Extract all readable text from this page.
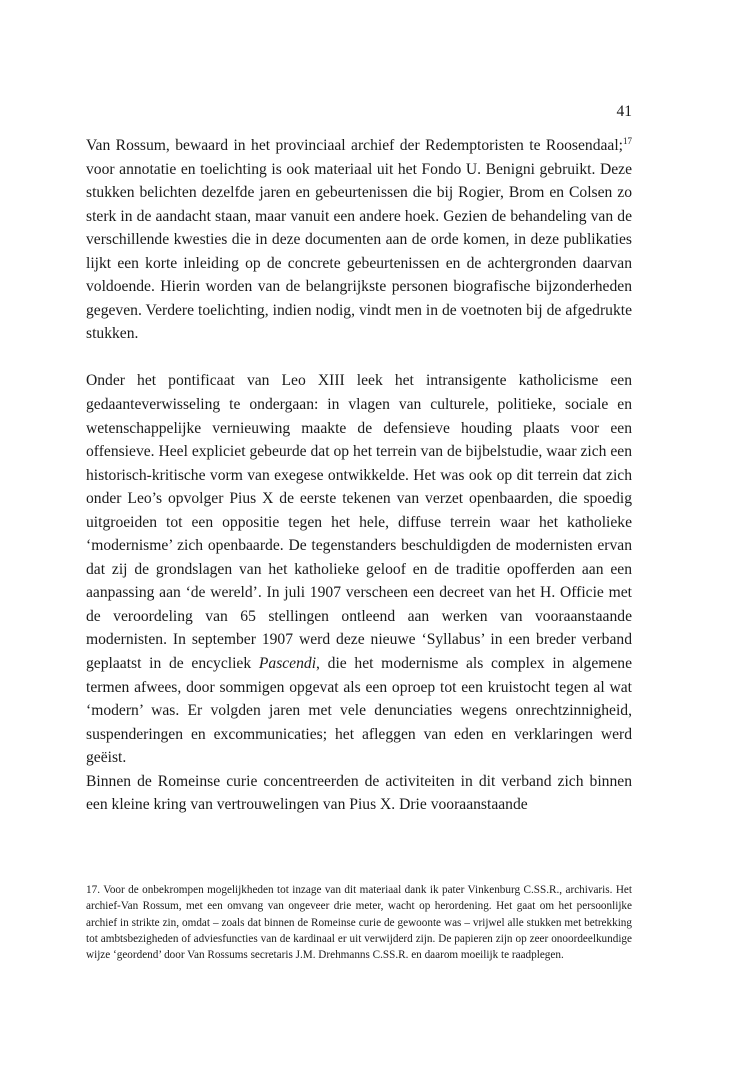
41

Van Rossum, bewaard in het provinciaal archief der Redemptoristen te Roosendaal;$^{17}$ voor annotatie en toelichting is ook materiaal uit het Fondo U. Benigni gebruikt. Deze stukken belichten dezelfde jaren en gebeurtenissen die bij Rogier, Brom en Colsen zo sterk in de aandacht staan, maar vanuit een andere hoek. Gezien de behandeling van de verschillende kwesties die in deze documenten aan de orde komen, in deze publikaties lijkt een korte inleiding op de concrete gebeurtenissen en de achtergronden daarvan voldoende. Hierin worden van de belangrijkste personen biografische bijzonderheden gegeven. Verdere toelichting, indien nodig, vindt men in de voetnoten bij de afgedrukte stukken.

Onder het pontificaat van Leo XIII leek het intransigente katholicisme een gedaanteverwisseling te ondergaan: in vlagen van culturele, politieke, sociale en wetenschappelijke vernieuwing maakte de defensieve houding plaats voor een offensieve. Heel expliciet gebeurde dat op het terrein van de bijbelstudie, waar zich een historisch-kritische vorm van exegese ontwikkelde. Het was ook op dit terrein dat zich onder Leo’s opvolger Pius X de eerste tekenen van verzet openbaarden, die spoedig uitgroeiden tot een oppositie tegen het hele, diffuse terrein waar het katholieke ‘modernisme’ zich openbaarde. De tegenstanders beschuldigden de modernisten ervan dat zij de grondslagen van het katholieke geloof en de traditie opofferden aan een aanpassing aan ‘de wereld’. In juli 1907 verscheen een decreet van het H. Officie met de veroordeling van 65 stellingen ontleend aan werken van vooraanstaande modernisten. In september 1907 werd deze nieuwe ‘Syllabus’ in een breder verband geplaatst in de encycliek Pascendi, die het modernisme als complex in algemene termen afwees, door sommigen opgevat als een oproep tot een kruistocht tegen al wat ‘modern’ was. Er volgden jaren met vele denunciaties wegens onrechtzinnigheid, suspenderingen en excommunicaties; het afleggen van eden en verklaringen werd geëist.

Binnen de Romeinse curie concentreerden de activiteiten in dit verband zich binnen een kleine kring van vertrouwelingen van Pius X. Drie vooraanstaande

17. Voor de onbekrompen mogelijkheden tot inzage van dit materiaal dank ik pater Vinkenburg C.SS.R., archivaris. Het archief-Van Rossum, met een omvang van ongeveer drie meter, wacht op herordening. Het gaat om het persoonlijke archief in strikte zin, omdat – zoals dat binnen de Romeinse curie de gewoonte was – vrijwel alle stukken met betrekking tot ambtsbezigheden of adviesfuncties van de kardinaal er uit verwijderd zijn. De papieren zijn op zeer onoordeelkundige wijze ‘geordend’ door Van Rossums secretaris J.M. Drehmanns C.SS.R. en daarom moeilijk te raadplegen.
